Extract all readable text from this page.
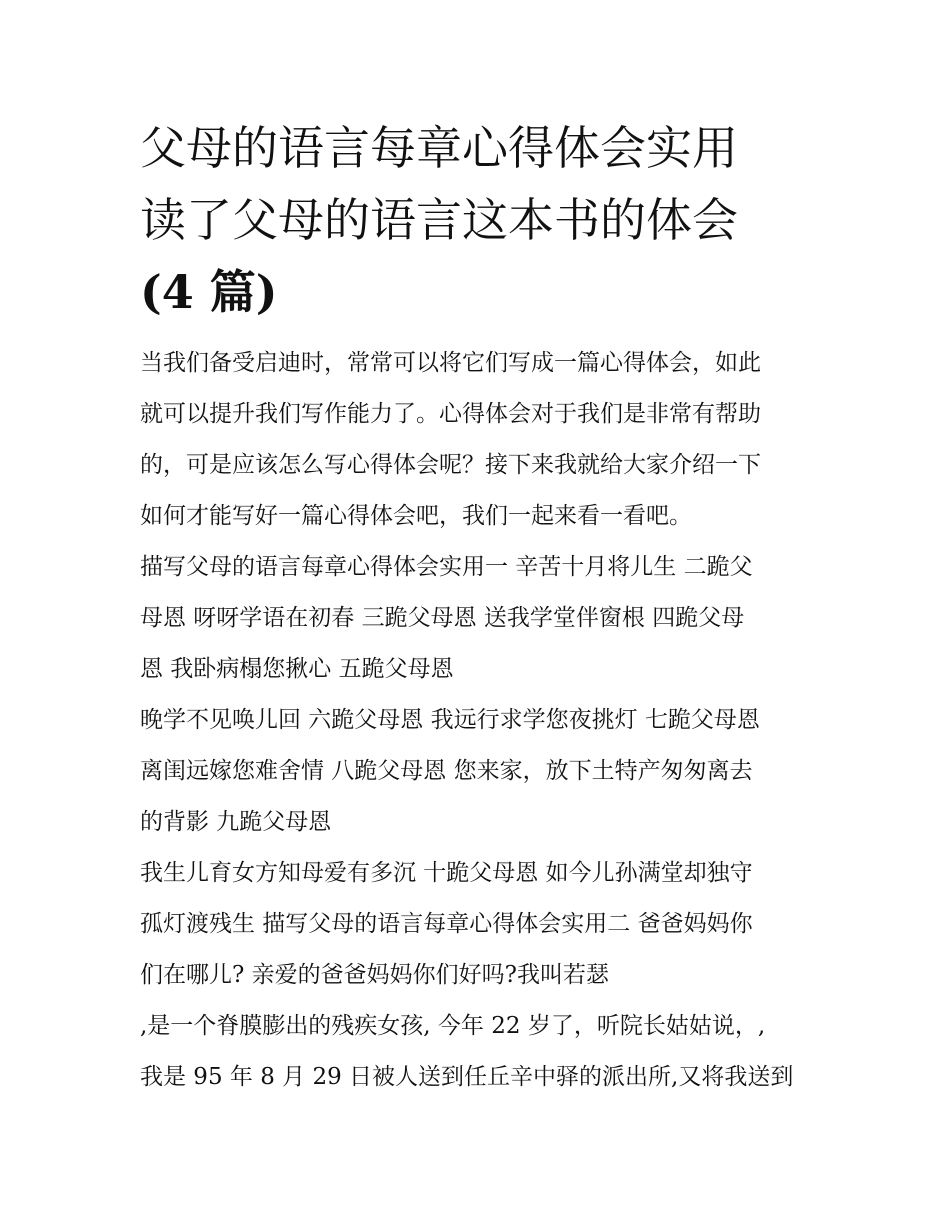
父母的语言每章心得体会实用
读了父母的语言这本书的体会
(4 篇)

当我们备受启迪时，常常可以将它们写成一篇心得体会，如此
就可以提升我们写作能力了。心得体会对于我们是非常有帮助
的，可是应该怎么写心得体会呢？接下来我就给大家介绍一下
如何才能写好一篇心得体会吧，我们一起来看一看吧。

描写父母的语言每章心得体会实用一 辛苦十月将儿生 二跪父
母恩 呀呀学语在初春 三跪父母恩 送我学堂伴窗根 四跪父母
恩 我卧病榻您揪心 五跪父母恩

晚学不见唤儿回 六跪父母恩 我远行求学您夜挑灯 七跪父母恩
离闺远嫁您难舍情 八跪父母恩 您来家，放下土特产匆匆离去
的背影 九跪父母恩

我生儿育女方知母爱有多沉 十跪父母恩 如今儿孙满堂却独守
孤灯渡残生 描写父母的语言每章心得体会实用二 爸爸妈妈你
们在哪儿? 亲爱的爸爸妈妈你们好吗?我叫若瑟

,是一个脊膜膨出的残疾女孩, 今年 22 岁了，听院长姑姑说，,
我是 95 年 8 月 29 日被人送到任丘辛中驿的派出所,又将我送到
